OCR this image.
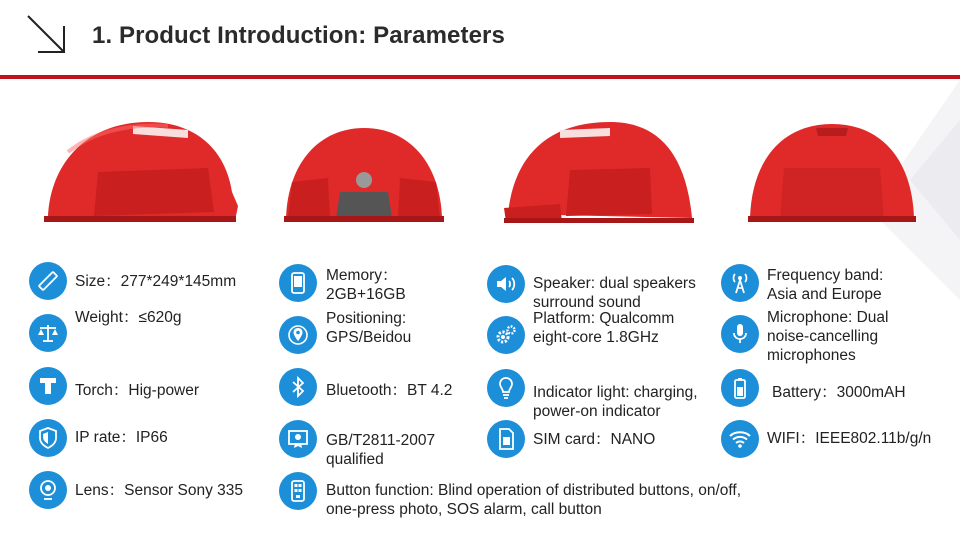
1. Product Introduction: Parameters
Size：277*249*145mm
Weight：≤620g
Torch：Hig-power
IP rate：IP66
Lens：Sensor Sony 335
Memory：
2GB+16GB
Positioning:
GPS/Beidou
Bluetooth：BT 4.2
GB/T2811-2007
qualified
Button function: Blind operation of distributed buttons, on/off,
one-press photo, SOS alarm, call button
Speaker: dual speakers
surround sound
Platform: Qualcomm
eight-core 1.8GHz
Indicator light: charging,
power-on indicator
SIM card：NANO
Frequency band:
Asia and Europe
Microphone: Dual
noise-cancelling
microphones
Battery：3000mAH
WIFI：IEEE802.11b/g/n
